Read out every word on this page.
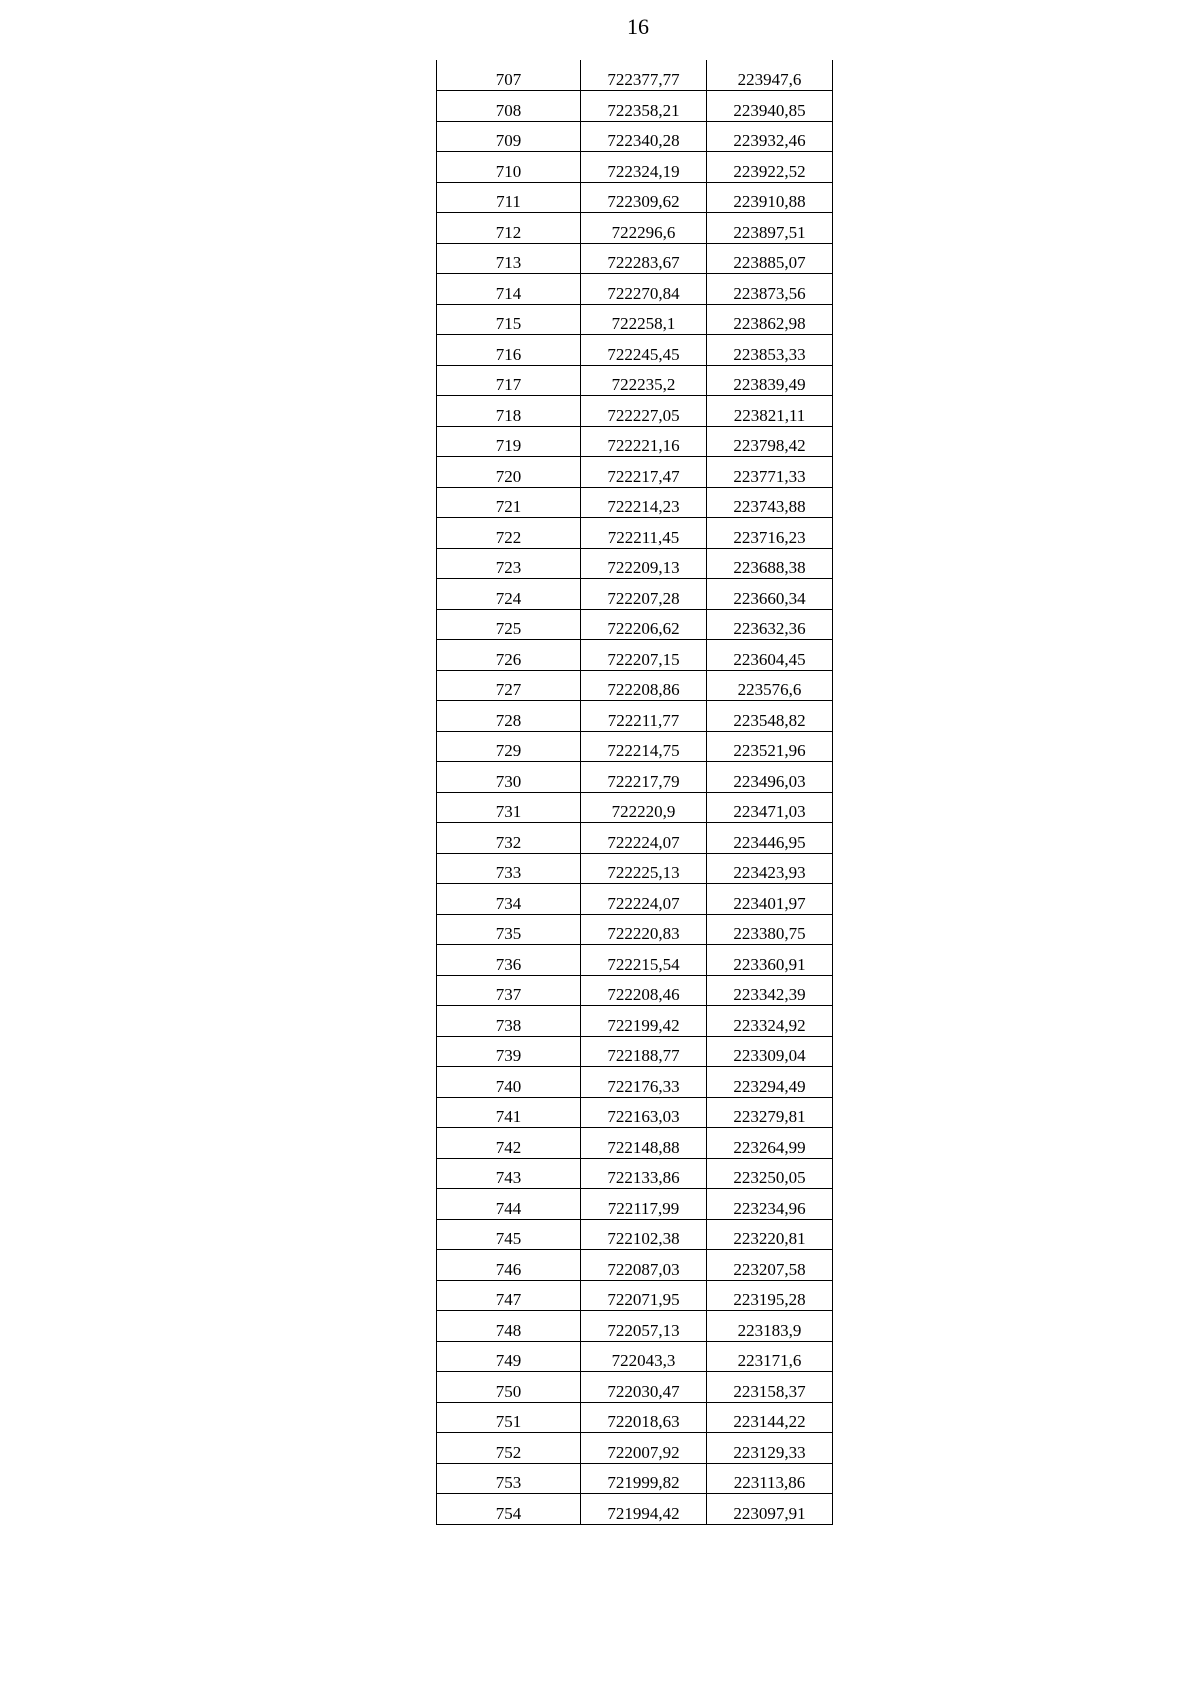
16
707	722377,77	223947,6
708	722358,21	223940,85
709	722340,28	223932,46
710	722324,19	223922,52
711	722309,62	223910,88
712	722296,6	223897,51
713	722283,67	223885,07
714	722270,84	223873,56
715	722258,1	223862,98
716	722245,45	223853,33
717	722235,2	223839,49
718	722227,05	223821,11
719	722221,16	223798,42
720	722217,47	223771,33
721	722214,23	223743,88
722	722211,45	223716,23
723	722209,13	223688,38
724	722207,28	223660,34
725	722206,62	223632,36
726	722207,15	223604,45
727	722208,86	223576,6
728	722211,77	223548,82
729	722214,75	223521,96
730	722217,79	223496,03
731	722220,9	223471,03
732	722224,07	223446,95
733	722225,13	223423,93
734	722224,07	223401,97
735	722220,83	223380,75
736	722215,54	223360,91
737	722208,46	223342,39
738	722199,42	223324,92
739	722188,77	223309,04
740	722176,33	223294,49
741	722163,03	223279,81
742	722148,88	223264,99
743	722133,86	223250,05
744	722117,99	223234,96
745	722102,38	223220,81
746	722087,03	223207,58
747	722071,95	223195,28
748	722057,13	223183,9
749	722043,3	223171,6
750	722030,47	223158,37
751	722018,63	223144,22
752	722007,92	223129,33
753	721999,82	223113,86
754	721994,42	223097,91
